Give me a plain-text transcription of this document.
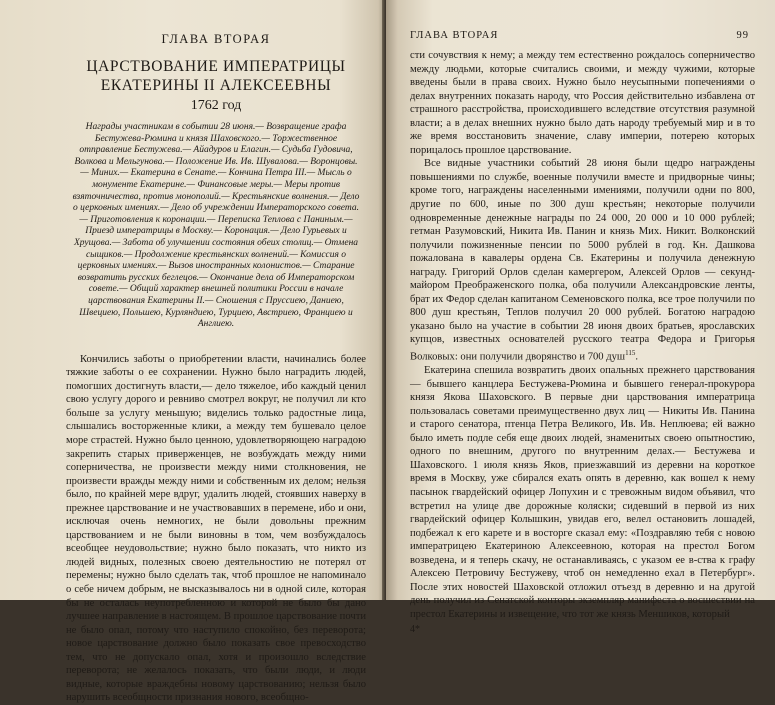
ГЛАВА ВТОРАЯ
ЦАРСТВОВАНИЕ ИМПЕРАТРИЦЫ
ЕКАТЕРИНЫ II АЛЕКСЕЕВНЫ
1762 год
Награды участникам в событии 28 июня.— Возвращение графа Бестужева-Рюмина и князя Шаховского.— Торжественное отправление Бестужева.— Айадуров и Елагин.— Судьба Гудовича, Волкова и Мельгунова.— Положение Ив. Ив. Шувалова.— Воронцовы.— Миних.— Екатерина в Сенате.— Кончина Петра III.— Мысль о монументе Екатерине.— Финансовые меры.— Меры против взяточничества, против монополий.— Крестьянские волнения.— Дело о церковных имениях.— Дело об учреждении Императорского совета.— Приготовления к коронации.— Переписка Теплова с Паниным.— Приезд императрицы в Москву.— Коронация.— Дело Гурьевых и Хрущова.— Забота об улучшении состояния обеих столиц.— Отмена сыщиков.— Продолжение крестьянских волнений.— Комиссия о церковных имениях.— Вызов иностранных колонистов.— Старание возвратить русских беглецов.— Окончание дела об Императорском совете.— Общий характер внешней политики России в начале царствования Екатерины II.— Сношения с Пруссиею, Даниею, Швециею, Польшею, Курляндиею, Турциею, Австриею, Франциею и Англиею.

Кончились заботы о приобретении власти, начинались более тяжкие заботы о ее сохранении. Нужно было наградить людей, помогших достигнуть власти,— дело тяжелое, ибо каждый ценил свою услугу дорого и ревниво смотрел вокруг, не получил ли кто больше за услугу меньшую; виделись только радостные лица, слышались восторженные клики, а между тем бушевало целое море страстей. Нужно было ценною, удовлетворяющею наградою закрепить старых приверженцев, не возбуждать между ними соперничества, не произвести между ними столкновения, не произвести вражды между ними и собственным их делом; нельзя было, по крайней мере вдруг, удалить людей, стоявших наверху в прежнее царствование и не участвовавших в перемене, ибо и они, исключая очень немногих, не были довольны прежним царствованием и не были виновны в том, чем возбуждалось всеобщее неудовольствие; нужно было показать, что никто из людей видных, полезных своею деятельностию не потерял от перемены; нужно было сделать так, чтоб прошлое не напоминало о себе ничем добрым, не высказывалось ни в одной силе, которая бы не осталась неупотребленною и которой не было бы дано лучшее направление в настоящем. В прошлое царствование почти не было опал, потому что наступило спокойно, без переворота; новое царствование должно было показать свое превосходство тем, что не допускало опал, хотя и произошло вследствие переворота; не желалось показать, что были люди, и люди видные, которые враждебны новому царствованию; нельзя было нарушить всеобщности признания нового, всеобщно-

ГЛАВА ВТОРАЯ	99

сти сочувствия к нему; а между тем естественно рождалось соперничество между людьми, которые считались своими, и между чужими, которые введены были в права своих. Нужно было неусыпными попечениями о делах внутренних показать народу, что Россия действительно избавлена от страшного расстройства, происходившего вследствие отсутствия разумной власти; а в делах внешних нужно было дать народу требуемый мир и в то же время восстановить значение, славу империи, потерею которых порицалось прошлое царствование.

Все видные участники событий 28 июня были щедро награждены повышениями по службе, военные получили вместе и придворные чины; кроме того, награждены населенными имениями, получили одни по 800, другие по 600, иные по 300 душ крестьян; некоторые получили одновременные денежные награды по 24 000, 20 000 и 10 000 рублей; гетман Разумовский, Никита Ив. Панин и князь Мих. Никит. Волконский получили пожизненные пенсии по 5000 рублей в год. Кн. Дашкова пожалована в кавалеры ордена Св. Екатерины и получила денежную награду. Григорий Орлов сделан камергером, Алексей Орлов — секунд-майором Преображенского полка, оба получили Александровские ленты, брат их Федор сделан капитаном Семеновского полка, все трое получили по 800 душ крестьян, Теплов получил 20 000 рублей. Богатою наградою указано было на участие в событии 28 июня двоих братьев, ярославских купцов, известных основателей русского театра Федора и Григорья Волковых: они получили дворянство и 700 душ$^{115}$.

Екатерина спешила возвратить двоих опальных прежнего царствования — бывшего канцлера Бестужева-Рюмина и бывшего генерал-прокурора князя Якова Шаховского. В первые дни царствования императрица пользовалась советами преимущественно двух лиц — Никиты Ив. Панина и старого сенатора, птенца Петра Великого, Ив. Ив. Неплюева; ей важно было иметь подле себя еще двоих людей, знаменитых своею опытностию, одного по внешним, другого по внутренним делах.— Бестужева и Шаховского. 1 июля князь Яков, приезжавший из деревни на короткое время в Москву, уже сбирался ехать опять в деревню, как вошел к нему пасынок гвардейский офицер Лопухин и с тревожным видом объявил, что встретил на улице две дорожные коляски; сидевший в первой из них гвардейский офицер Колышкин, увидав его, велел остановить лошадей, подбежал к его карете и в восторге сказал ему: «Поздравляю тебя с новою императрицею Екатериною Алексеевною, которая на престол Богом возведена, и я теперь скачу, не останавливаясь, с указом ее в-ства к графу Алексею Петровичу Бестужеву, чтоб он немедленно ехал в Петербург». После этих новостей Шаховской отложил отъезд в деревню и на другой день получил из Сенатской конторы экземпляр манифеста о восшествии на престол Екатерины и извещение, что тот же князь Меншиков, который

4*
